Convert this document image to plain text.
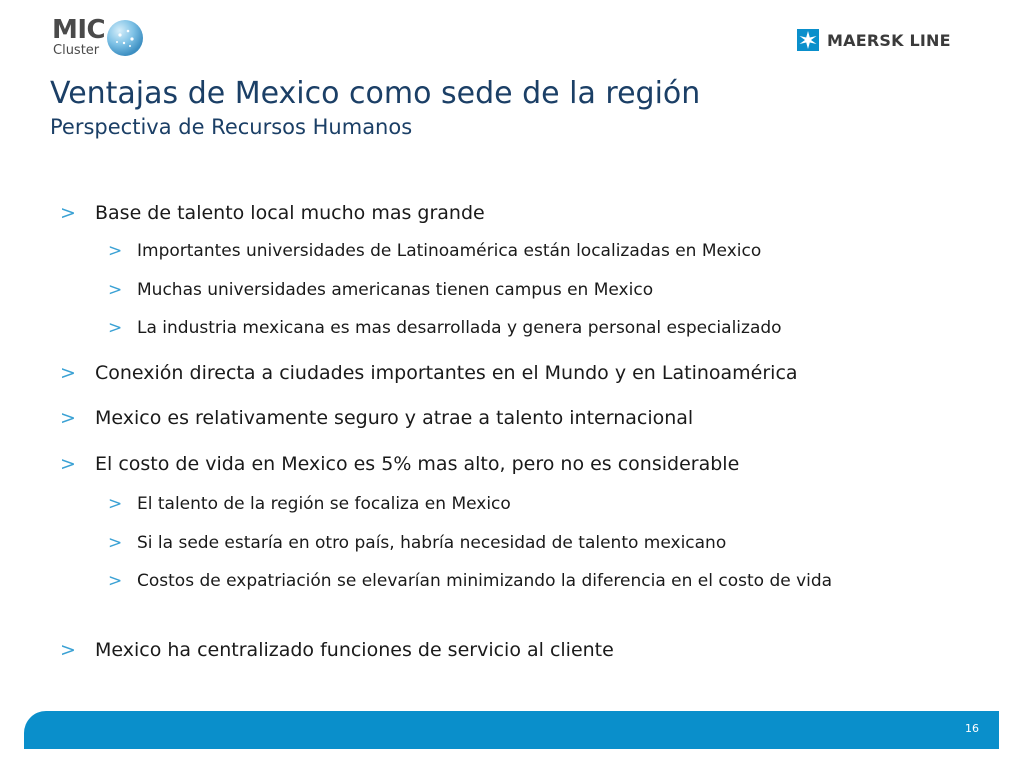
MIC
Cluster
MAERSK LINE
Ventajas de Mexico como sede de la región
Perspectiva de Recursos Humanos
>	Base de talento local mucho mas grande
> Importantes universidades de Latinoamérica están localizadas en Mexico
> Muchas universidades americanas tienen campus en Mexico
> La industria mexicana es mas desarrollada y genera personal especializado
>	Conexión directa a ciudades importantes en el Mundo y en Latinoamérica
>	Mexico es relativamente seguro y atrae a talento internacional
>	El costo de vida en Mexico es 5% mas alto, pero no es considerable
> El talento de la región se focaliza en Mexico
> Si la sede estaría en otro país, habría necesidad de talento mexicano
> Costos de expatriación se elevarían minimizando la diferencia en el costo de vida
>	Mexico ha centralizado funciones de servicio al cliente
16
